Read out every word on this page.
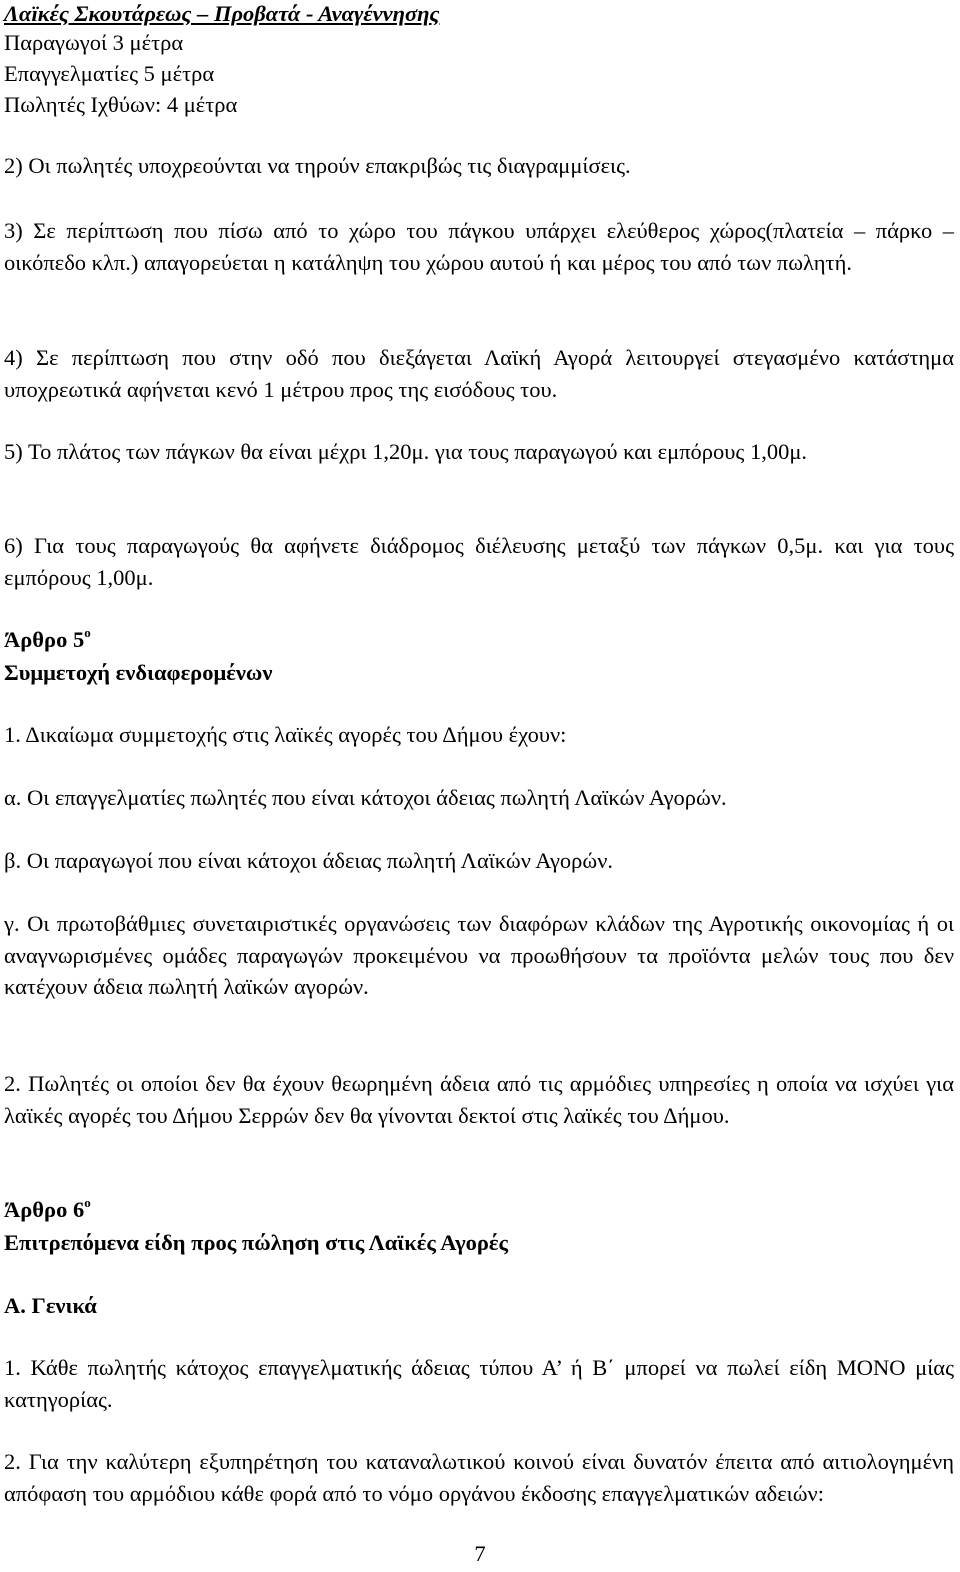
Λαϊκές Σκουτάρεως – Προβατά - Αναγέννησης

Παραγωγοί 3 μέτρα

Επαγγελματίες 5 μέτρα

Πωλητές Ιχθύων: 4 μέτρα

2) Οι πωλητές υποχρεούνται να τηρούν επακριβώς τις διαγραμμίσεις.

3) Σε περίπτωση που πίσω από το χώρο του πάγκου υπάρχει ελεύθερος χώρος(πλατεία – πάρκο – οικόπεδο κλπ.) απαγορεύεται η κατάληψη του χώρου αυτού ή και μέρος του από των πωλητή.

4) Σε περίπτωση που στην οδό που διεξάγεται Λαϊκή Αγορά λειτουργεί στεγασμένο κατάστημα υποχρεωτικά αφήνεται κενό 1 μέτρου προς της εισόδους του.

5) Το πλάτος των πάγκων θα είναι μέχρι 1,20μ. για τους παραγωγού και εμπόρους 1,00μ.

6) Για τους παραγωγούς θα αφήνετε διάδρομος διέλευσης μεταξύ των πάγκων 0,5μ. και για τους εμπόρους 1,00μ.

Άρθρο $5^o$

Συμμετοχή ενδιαφερομένων

1. Δικαίωμα συμμετοχής στις λαϊκές αγορές του Δήμου έχουν:

α. Οι επαγγελματίες πωλητές που είναι κάτοχοι άδειας πωλητή Λαϊκών Αγορών.

β. Οι παραγωγοί που είναι κάτοχοι άδειας πωλητή Λαϊκών Αγορών.

γ. Οι πρωτοβάθμιες συνεταιριστικές οργανώσεις των διαφόρων κλάδων της Αγροτικής οικονομίας ή οι αναγνωρισμένες ομάδες παραγωγών προκειμένου να προωθήσουν τα προϊόντα μελών τους που δεν κατέχουν άδεια πωλητή λαϊκών αγορών.

2. Πωλητές οι οποίοι δεν θα έχουν θεωρημένη άδεια από τις αρμόδιες υπηρεσίες η οποία να ισχύει για λαϊκές αγορές του Δήμου Σερρών δεν θα γίνονται δεκτοί στις λαϊκές του Δήμου.

Άρθρο $6^o$

Επιτρεπόμενα είδη προς πώληση στις Λαϊκές Αγορές

Α. Γενικά

1. Κάθε πωλητής κάτοχος επαγγελματικής άδειας τύπου Α’ ή Β΄ μπορεί να πωλεί είδη ΜΟΝΟ μίας κατηγορίας.

2. Για την καλύτερη εξυπηρέτηση του καταναλωτικού κοινού είναι δυνατόν έπειτα από αιτιολογημένη απόφαση του αρμόδιου κάθε φορά από το νόμο οργάνου έκδοσης επαγγελματικών αδειών:

7
